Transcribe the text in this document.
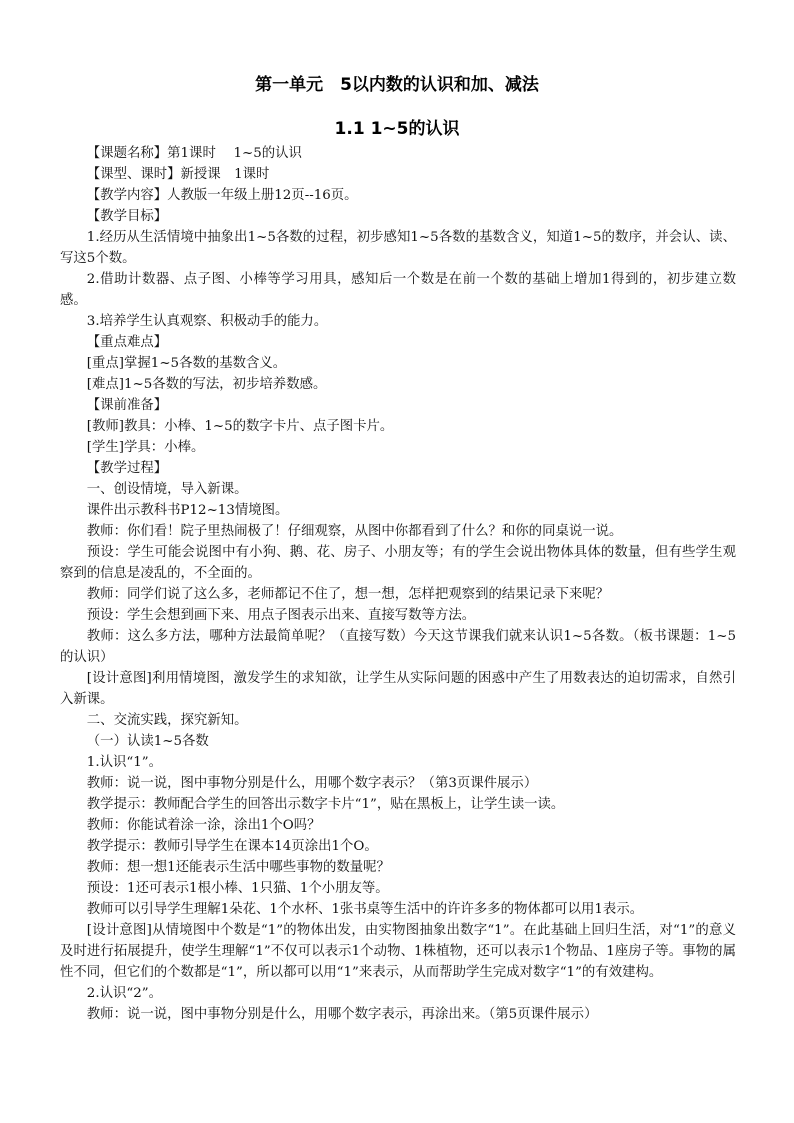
第一单元　5以内数的认识和加、减法
1.1 1~5的认识

【课题名称】第1课时　 1~5的认识

【课型、课时】新授课　1课时

【教学内容】人教版一年级上册12页--16页。

【教学目标】

1.经历从生活情境中抽象出1~5各数的过程，初步感知1~5各数的基数含义，知道1~5的数序，并会认、读、写这5个数。

2.借助计数器、点子图、小棒等学习用具，感知后一个数是在前一个数的基础上增加1得到的，初步建立数感。

3.培养学生认真观察、积极动手的能力。

【重点难点】

[重点]掌握1~5各数的基数含义。

[难点]1~5各数的写法，初步培养数感。

【课前准备】

[教师]教具：小棒、1~5的数字卡片、点子图卡片。

[学生]学具：小棒。

【教学过程】

一、创设情境，导入新课。

课件出示教科书P12~13情境图。

教师：你们看！院子里热闹极了！仔细观察，从图中你都看到了什么？和你的同桌说一说。

预设：学生可能会说图中有小狗、鹅、花、房子、小朋友等；有的学生会说出物体具体的数量，但有些学生观察到的信息是凌乱的，不全面的。

教师：同学们说了这么多，老师都记不住了，想一想，怎样把观察到的结果记录下来呢？

预设：学生会想到画下来、用点子图表示出来、直接写数等方法。

教师：这么多方法，哪种方法最简单呢？（直接写数）今天这节课我们就来认识1~5各数。（板书课题：1~5的认识）

[设计意图]利用情境图，激发学生的求知欲，让学生从实际问题的困惑中产生了用数表达的迫切需求，自然引入新课。

二、交流实践，探究新知。

（一）认读1~5各数

1.认识“1”。

教师：说一说，图中事物分别是什么，用哪个数字表示？（第3页课件展示）

教学提示：教师配合学生的回答出示数字卡片“1”，贴在黑板上，让学生读一读。

教师：你能试着涂一涂，涂出1个O吗？

教学提示：教师引导学生在课本14页涂出1个O。

教师：想一想1还能表示生活中哪些事物的数量呢？

预设：1还可表示1根小棒、1只猫、1个小朋友等。

教师可以引导学生理解1朵花、1个水杯、1张书桌等生活中的许许多多的物体都可以用1表示。

[设计意图]从情境图中个数是“1”的物体出发，由实物图抽象出数字“1”。在此基础上回归生活，对“1”的意义及时进行拓展提升，使学生理解“1”不仅可以表示1个动物、1株植物，还可以表示1个物品、1座房子等。事物的属性不同，但它们的个数都是“1”，所以都可以用“1”来表示，从而帮助学生完成对数字“1”的有效建构。

2.认识“2”。

教师：说一说，图中事物分别是什么，用哪个数字表示，再涂出来。（第5页课件展示）
